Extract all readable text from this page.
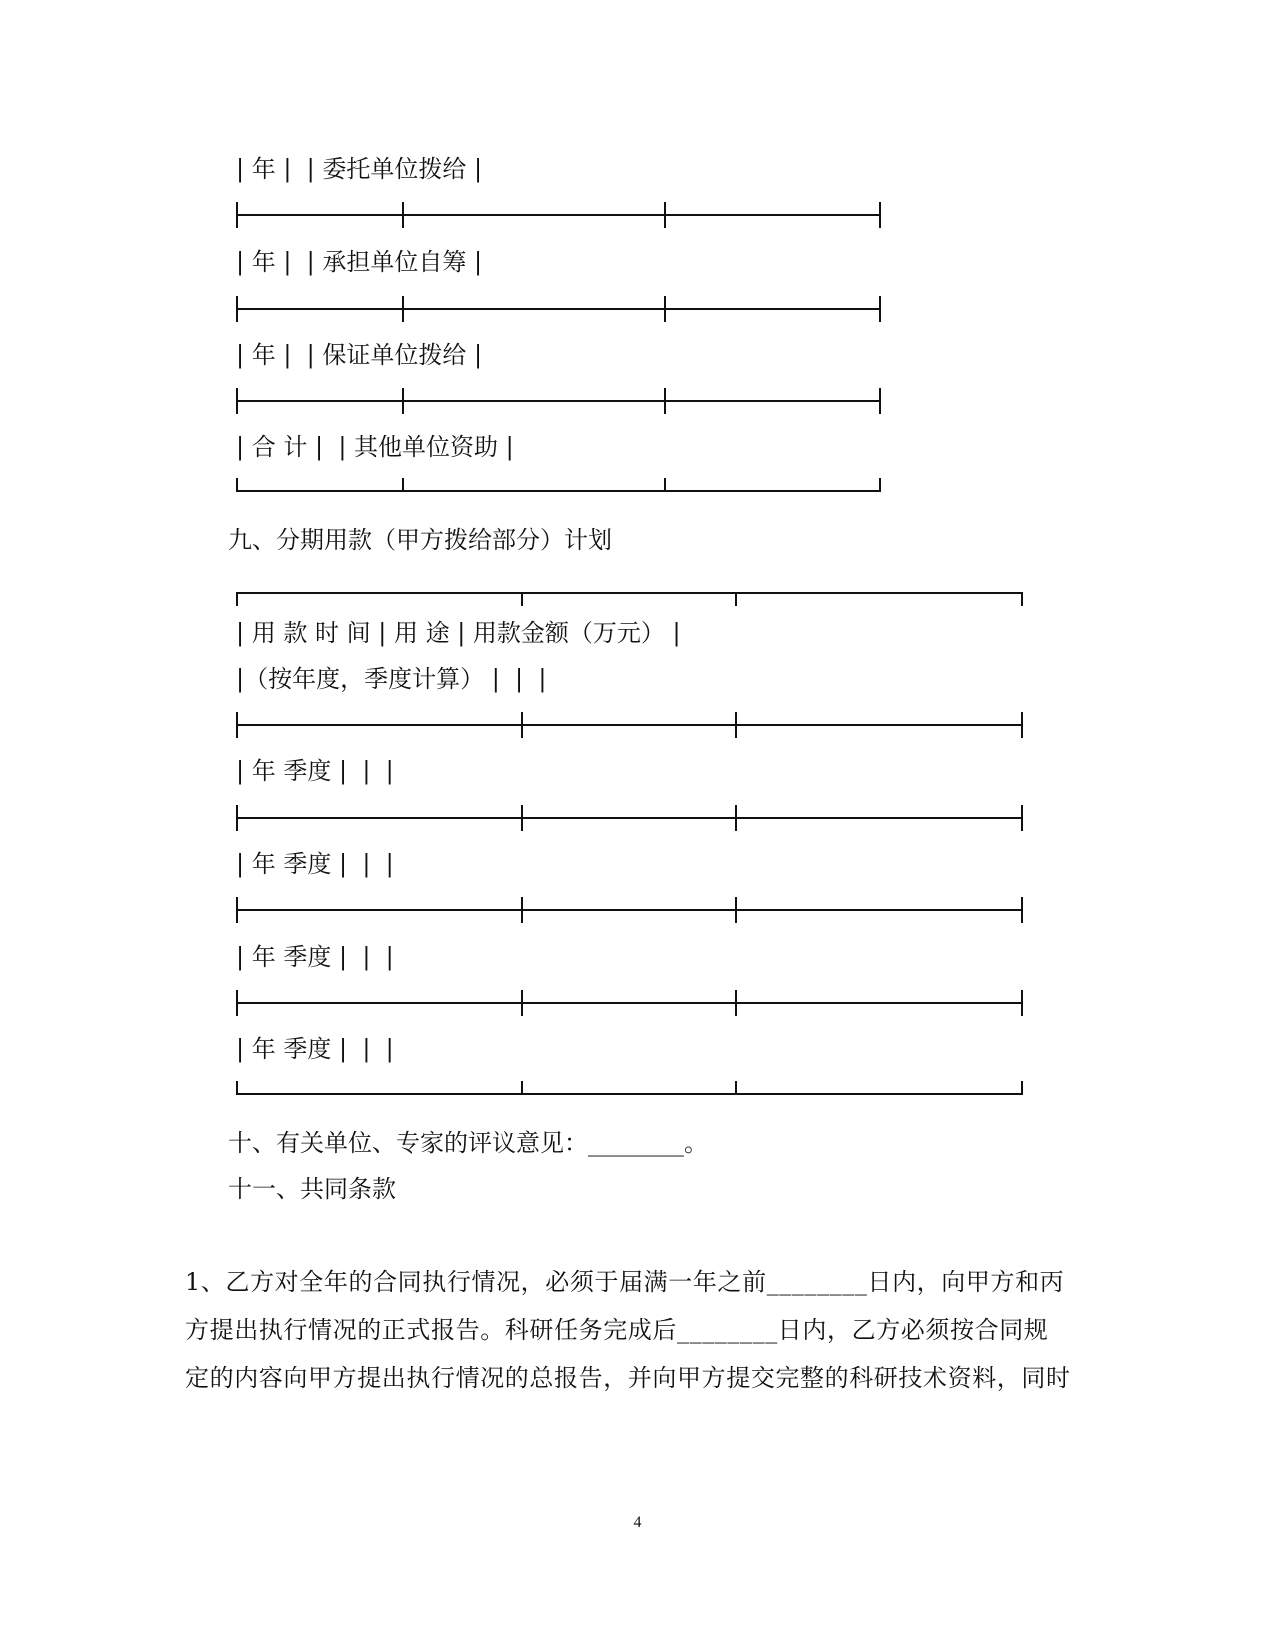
| 年 |  | 委托单位拨给 |
| 年 |  | 承担单位自筹 |
| 年 |  | 保证单位拨给 |
| 合 计 |  | 其他单位资助 |
九、分期用款（甲方拨给部分）计划
| 用 款 时 间 | 用 途 | 用款金额（万元） |
|（按年度，季度计算） |  |  |
| 年 季度 |  |  |
| 年 季度 |  |  |
| 年 季度 |  |  |
| 年 季度 |  |  |
十、有关单位、专家的评议意见：________。
十一、共同条款
1、乙方对全年的合同执行情况，必须于届满一年之前________日内，向甲方和丙
方提出执行情况的正式报告。科研任务完成后________日内，乙方必须按合同规
定的内容向甲方提出执行情况的总报告，并向甲方提交完整的科研技术资料，同时
4
